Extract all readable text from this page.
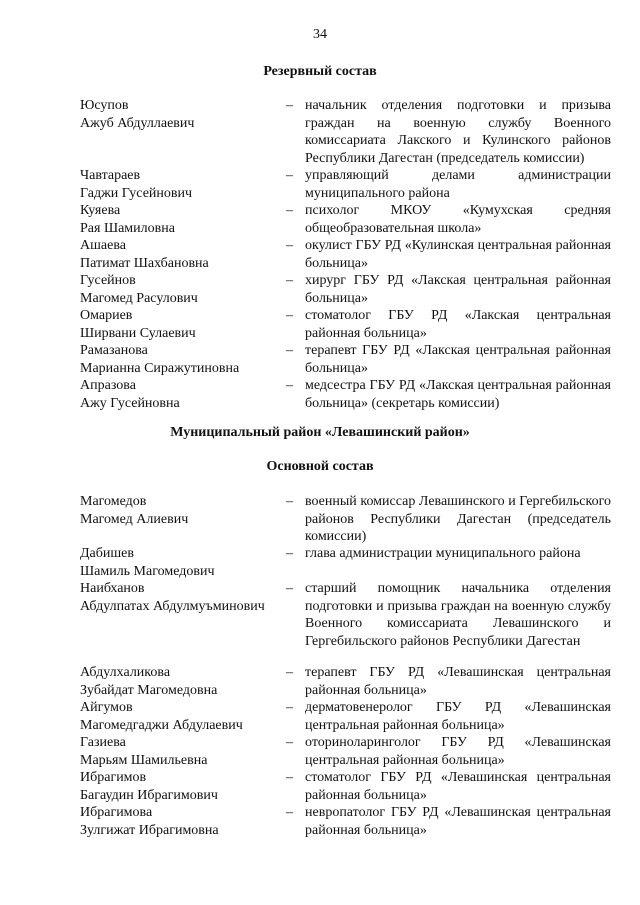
34
Резервный состав
Юсупов
Ажуб Абдуллаевич
– начальник отделения подготовки и призыва граждан на военную службу Военного комиссариата Лакского и Кулинского районов Республики Дагестан (председатель комиссии)
Чавтараев
Гаджи Гусейнович
– управляющий делами администрации муниципального района
Куяева
Рая Шамиловна
– психолог МКОУ «Кумухская средняя общеобразовательная школа»
Ашаева
Патимат Шахбановна
– окулист ГБУ РД «Кулинская центральная районная больница»
Гусейнов
Магомед Расулович
– хирург ГБУ РД «Лакская центральная районная больница»
Омариев
Ширвани Сулаевич
– стоматолог ГБУ РД «Лакская центральная районная больница»
Рамазанова
Марианна Сиражутиновна
– терапевт ГБУ РД «Лакская центральная районная больница»
Апразова
Ажу Гусейновна
– медсестра ГБУ РД «Лакская центральная районная больница» (секретарь комиссии)
Муниципальный район «Левашинский район»
Основной состав
Магомедов
Магомед Алиевич
– военный комиссар Левашинского и Гергебильского районов Республики Дагестан (председатель комиссии)
Дабишев
Шамиль Магомедович
– глава администрации муниципального района
Наибханов
Абдулпатах Абдулмуъминович
– старший помощник начальника отделения подготовки и призыва граждан на военную службу Военного комиссариата Левашинского и Гергебильского районов Республики Дагестан
Абдулхаликова
Зубайдат Магомедовна
– терапевт ГБУ РД «Левашинская центральная районная больница»
Айгумов
Магомедгаджи Абдулаевич
– дерматовенеролог ГБУ РД «Левашинская центральная районная больница»
Газиева
Марьям Шамильевна
– оториноларинголог ГБУ РД «Левашинская центральная районная больница»
Ибрагимов
Багаудин Ибрагимович
– стоматолог ГБУ РД «Левашинская центральная районная больница»
Ибрагимова
Зулгижат Ибрагимовна
– невропатолог ГБУ РД «Левашинская центральная районная больница»
